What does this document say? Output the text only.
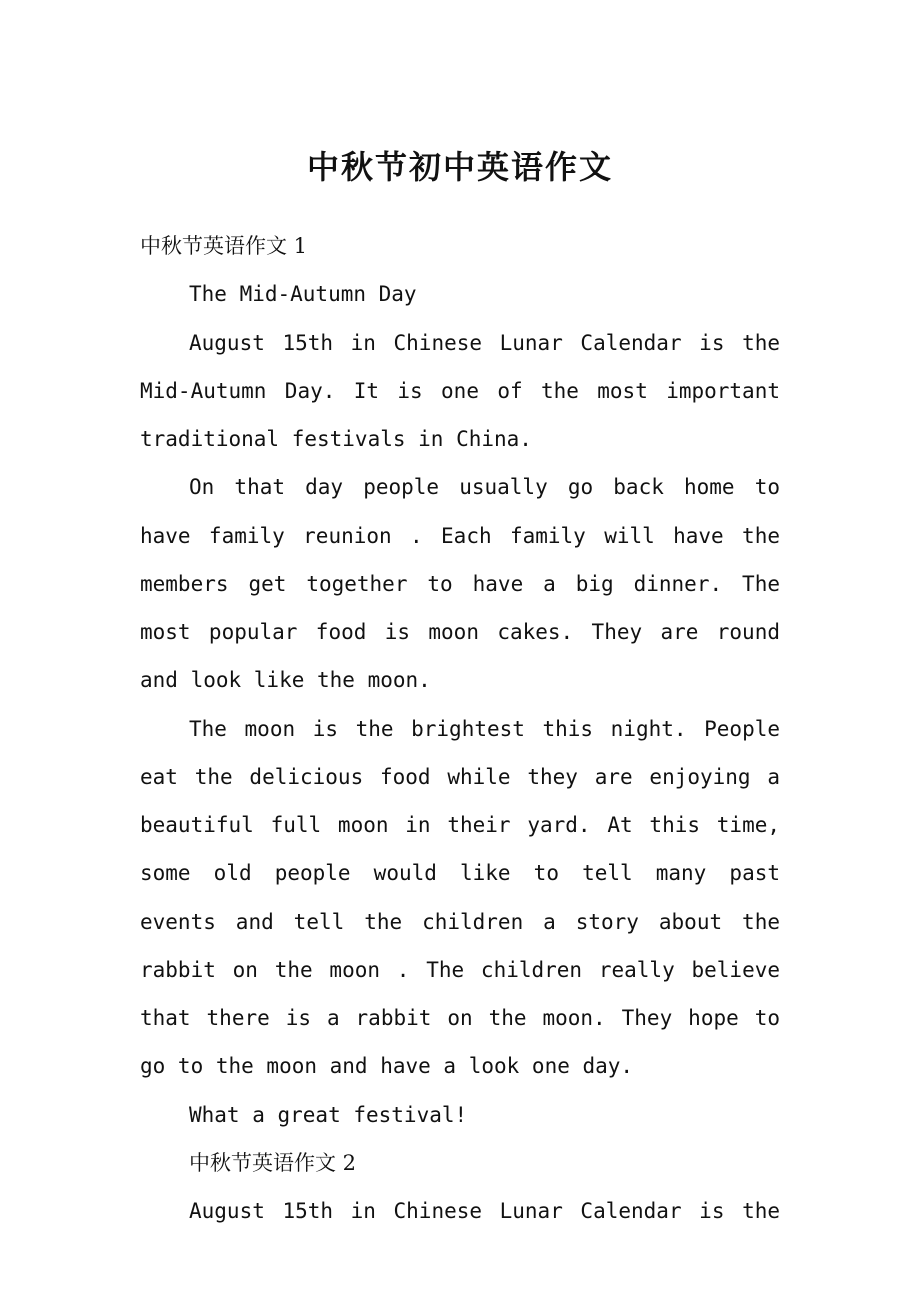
中秋节初中英语作文

中秋节英语作文 1

The Mid-Autumn Day

August 15th in Chinese Lunar Calendar is the Mid-Autumn Day. It is one of the most important traditional festivals in China.

On that day people usually go back home to have family reunion . Each family will have the members get together to have a big dinner. The most popular food is moon cakes. They are round and look like the moon.

The moon is the brightest this night. People eat the delicious food while they are enjoying a beautiful full moon in their yard. At this time, some old people would like to tell many past events and tell the children a story about the rabbit on the moon . The children really believe that there is a rabbit on the moon. They hope to go to the moon and have a look one day.

What a great festival!

中秋节英语作文 2

August 15th in Chinese Lunar Calendar is the
